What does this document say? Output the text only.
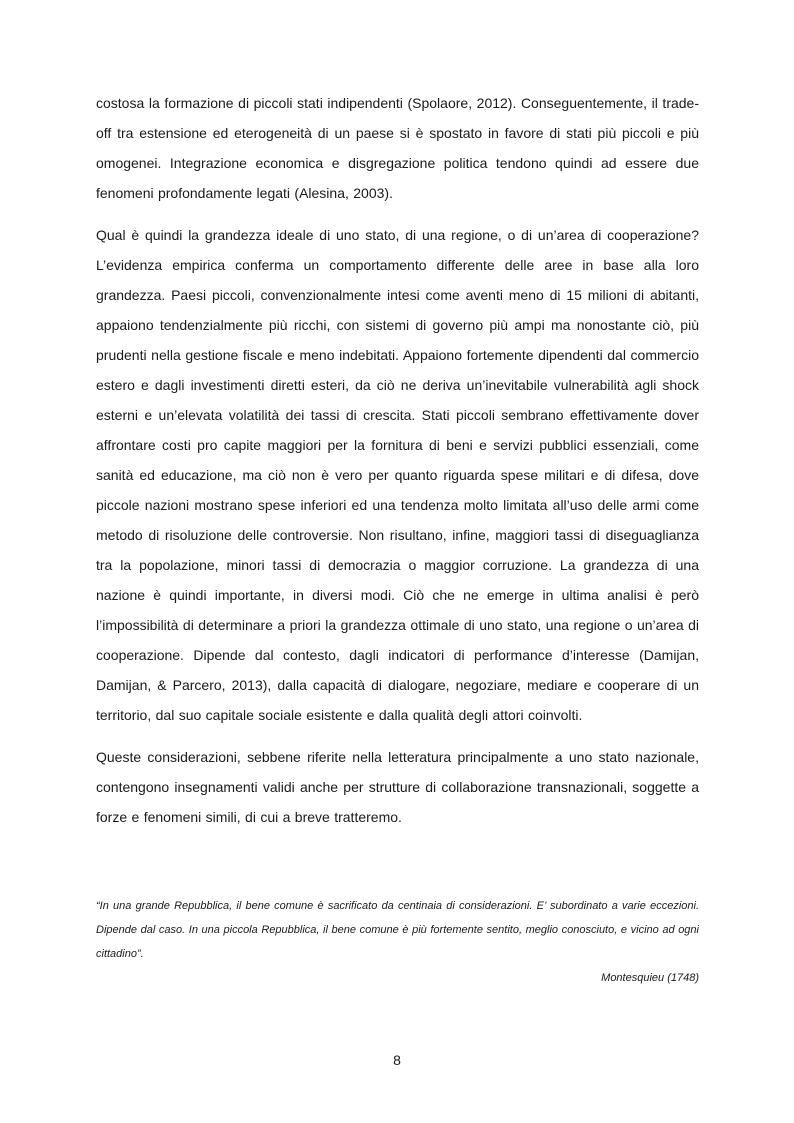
costosa la formazione di piccoli stati indipendenti (Spolaore, 2012). Conseguentemente, il trade-off tra estensione ed eterogeneità di un paese si è spostato in favore di stati più piccoli e più omogenei. Integrazione economica e disgregazione politica tendono quindi ad essere due fenomeni profondamente legati (Alesina, 2003).

Qual è quindi la grandezza ideale di uno stato, di una regione, o di un’area di cooperazione? L’evidenza empirica conferma un comportamento differente delle aree in base alla loro grandezza. Paesi piccoli, convenzionalmente intesi come aventi meno di 15 milioni di abitanti, appaiono tendenzialmente più ricchi, con sistemi di governo più ampi ma nonostante ciò, più prudenti nella gestione fiscale e meno indebitati. Appaiono fortemente dipendenti dal commercio estero e dagli investimenti diretti esteri, da ciò ne deriva un’inevitabile vulnerabilità agli shock esterni e un’elevata volatilità dei tassi di crescita. Stati piccoli sembrano effettivamente dover affrontare costi pro capite maggiori per la fornitura di beni e servizi pubblici essenziali, come sanità ed educazione, ma ciò non è vero per quanto riguarda spese militari e di difesa, dove piccole nazioni mostrano spese inferiori ed una tendenza molto limitata all’uso delle armi come metodo di risoluzione delle controversie. Non risultano, infine, maggiori tassi di diseguaglianza tra la popolazione, minori tassi di democrazia o maggior corruzione. La grandezza di una nazione è quindi importante, in diversi modi. Ciò che ne emerge in ultima analisi è però l’impossibilità di determinare a priori la grandezza ottimale di uno stato, una regione o un’area di cooperazione. Dipende dal contesto, dagli indicatori di performance d’interesse (Damijan, Damijan, & Parcero, 2013), dalla capacità di dialogare, negoziare, mediare e cooperare di un territorio, dal suo capitale sociale esistente e dalla qualità degli attori coinvolti.

Queste considerazioni, sebbene riferite nella letteratura principalmente a uno stato nazionale, contengono insegnamenti validi anche per strutture di collaborazione transnazionali, soggette a forze e fenomeni simili, di cui a breve tratteremo.

“In una grande Repubblica, il bene comune è sacrificato da centinaia di considerazioni. E’ subordinato a varie eccezioni. Dipende dal caso. In una piccola Repubblica, il bene comune è più fortemente sentito, meglio conosciuto, e vicino ad ogni cittadino”.

Montesquieu (1748)

8
